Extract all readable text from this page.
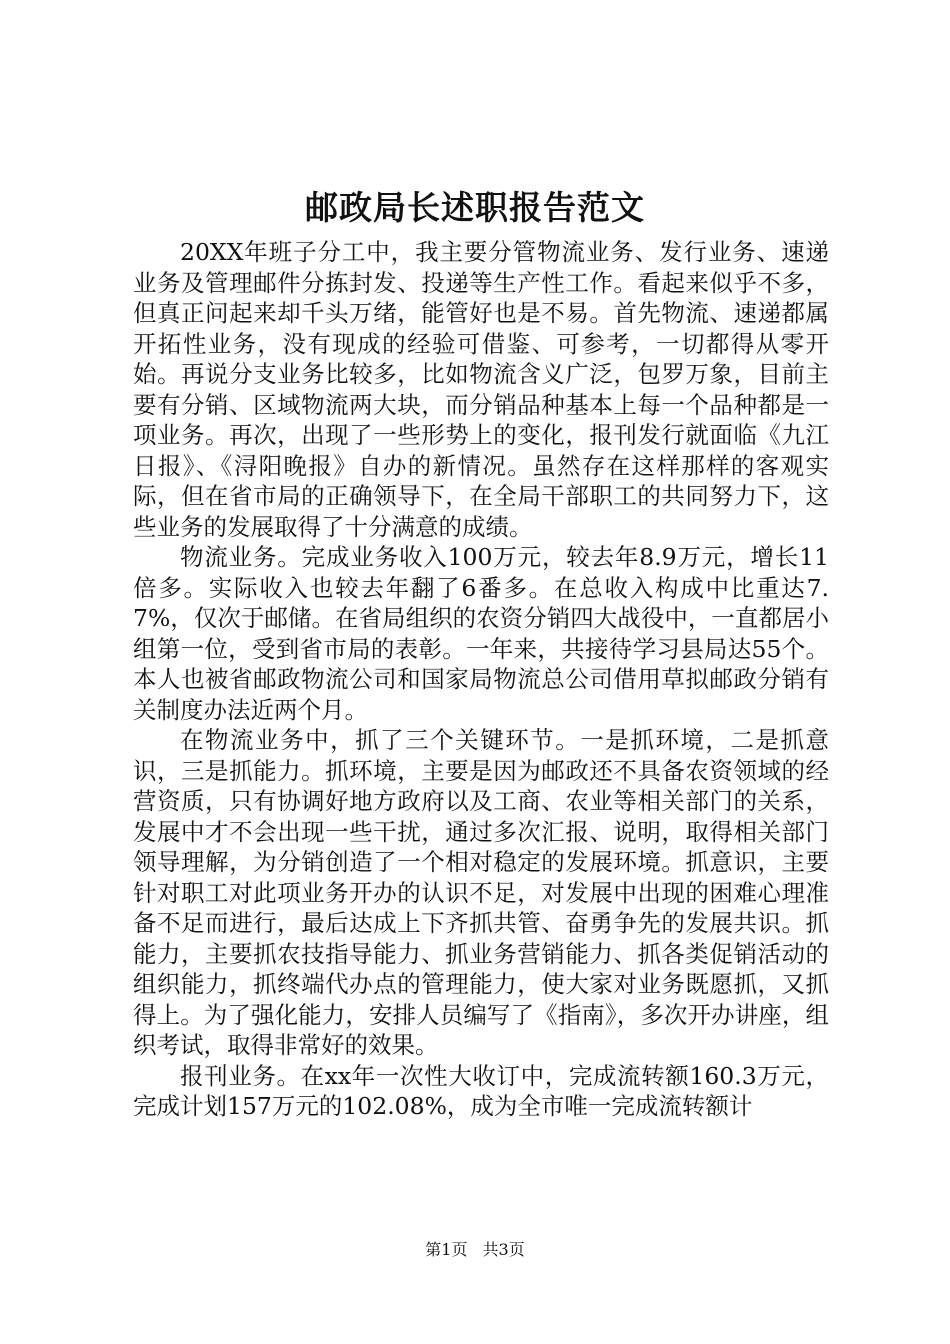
邮政局长述职报告范文

20XX年班子分工中，我主要分管物流业务、发行业务、速递业务及管理邮件分拣封发、投递等生产性工作。看起来似乎不多，但真正问起来却千头万绪，能管好也是不易。首先物流、速递都属开拓性业务，没有现成的经验可借鉴、可参考，一切都得从零开始。再说分支业务比较多，比如物流含义广泛，包罗万象，目前主要有分销、区域物流两大块，而分销品种基本上每一个品种都是一项业务。再次，出现了一些形势上的变化，报刊发行就面临《九江日报》、《浔阳晚报》自办的新情况。虽然存在这样那样的客观实际，但在省市局的正确领导下，在全局干部职工的共同努力下，这些业务的发展取得了十分满意的成绩。

物流业务。完成业务收入100万元，较去年8.9万元，增长11倍多。实际收入也较去年翻了6番多。在总收入构成中比重达7.7%，仅次于邮储。在省局组织的农资分销四大战役中，一直都居小组第一位，受到省市局的表彰。一年来，共接待学习县局达55个。本人也被省邮政物流公司和国家局物流总公司借用草拟邮政分销有关制度办法近两个月。

在物流业务中，抓了三个关键环节。一是抓环境，二是抓意识，三是抓能力。抓环境，主要是因为邮政还不具备农资领域的经营资质，只有协调好地方政府以及工商、农业等相关部门的关系，发展中才不会出现一些干扰，通过多次汇报、说明，取得相关部门领导理解，为分销创造了一个相对稳定的发展环境。抓意识，主要针对职工对此项业务开办的认识不足，对发展中出现的困难心理准备不足而进行，最后达成上下齐抓共管、奋勇争先的发展共识。抓能力，主要抓农技指导能力、抓业务营销能力、抓各类促销活动的组织能力，抓终端代办点的管理能力，使大家对业务既愿抓，又抓得上。为了强化能力，安排人员编写了《指南》，多次开办讲座，组织考试，取得非常好的效果。

报刊业务。在xx年一次性大收订中，完成流转额160.3万元，完成计划157万元的102.08%，成为全市唯一完成流转额计

第1页 共3页
